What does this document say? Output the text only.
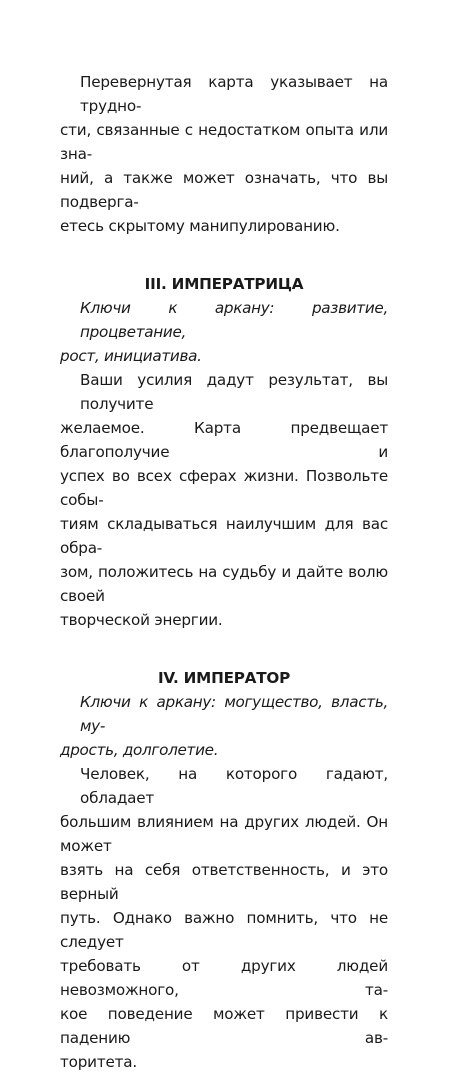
Перевернутая карта указывает на трудно-
сти, связанные с недостатком опыта или зна-
ний, а также может означать, что вы подверга-
етесь скрытому манипулированию.

III. ИМПЕРАТРИЦА

Ключи к аркану: развитие, процветание,
рост, инициатива.

Ваши усилия дадут результат, вы получите
желаемое. Карта предвещает благополучие и
успех во всех сферах жизни. Позвольте собы-
тиям складываться наилучшим для вас обра-
зом, положитесь на судьбу и дайте волю своей
творческой энергии.

IV. ИМПЕРАТОР

Ключи к аркану: могущество, власть, му-
дрость, долголетие.

Человек, на которого гадают, обладает
большим влиянием на других людей. Он может
взять на себя ответственность, и это верный
путь. Однако важно помнить, что не следует
требовать от других людей невозможного, та-
кое поведение может привести к падению ав-
торитета.
